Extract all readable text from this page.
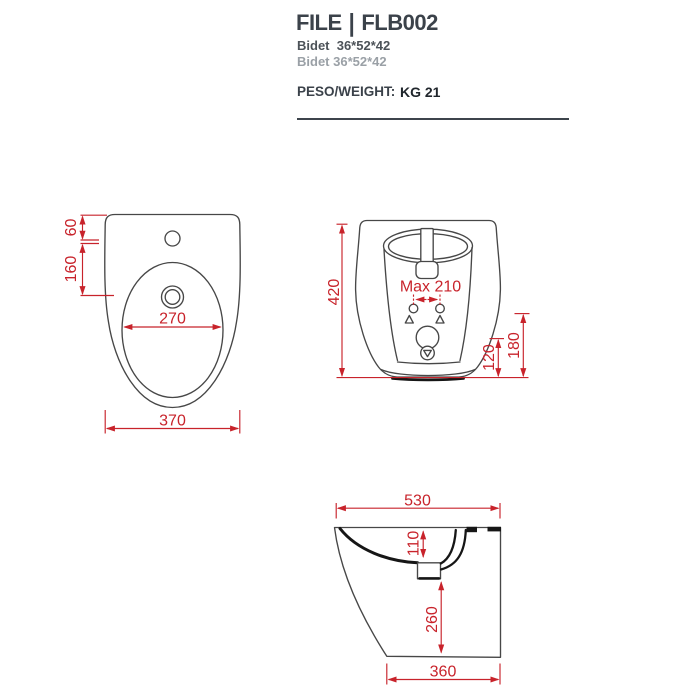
FILE | FLB002
Bidet  36*52*42
Bidet 36*52*42
PESO/WEIGHT: KG 21
270
370
60
160
420	Max 210
120 180
530
110
260
360
